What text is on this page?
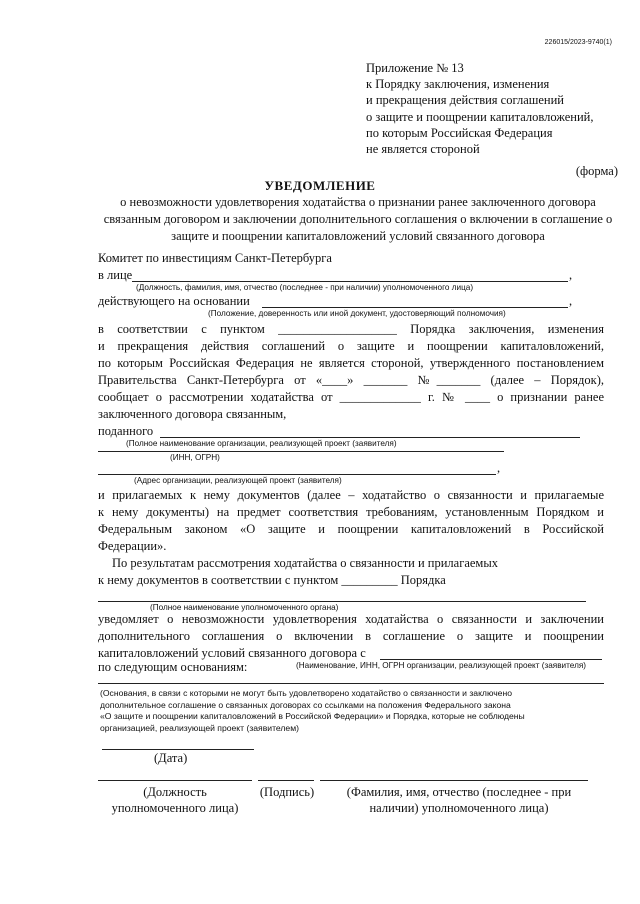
226015/2023-9740(1)
Приложение № 13
к Порядку заключения, изменения
и прекращения действия соглашений
о защите и поощрении капиталовложений,
по которым Российская Федерация
не является стороной
(форма)
УВЕДОМЛЕНИЕ
о невозможности удовлетворения ходатайства о признании ранее заключенного договора связанным договором и заключении дополнительного соглашения о включении в соглашение о защите и поощрении капиталовложений условий связанного договора
Комитет по инвестициям Санкт-Петербурга
в лице	,
(Должность, фамилия, имя, отчество (последнее - при наличии) уполномоченного лица)
действующего на основании	,
(Положение, доверенность или иной документ, удостоверяющий полномочия)
в соответствии с пунктом ___________________ Порядка заключения, изменения
и прекращения действия соглашений о защите и поощрении капиталовложений,
по которым Российская Федерация не является стороной, утвержденного постановлением
Правительства Санкт-Петербурга от «____» _______ №_______ (далее – Порядок),
сообщает о рассмотрении ходатайства от _____________ г. № ____ о признании ранее
заключенного договора связанным,
поданного
(Полное наименование организации, реализующей проект (заявителя)
(ИНН, ОГРН)
,
(Адрес организации, реализующей проект (заявителя)
и прилагаемых к нему документов (далее – ходатайство о связанности и прилагаемые
к нему документы) на предмет соответствия требованиям, установленным Порядком и
Федеральным законом «О защите и поощрении капиталовложений в Российской
Федерации».
По результатам рассмотрения ходатайства о связанности и прилагаемых
к нему документов в соответствии с пунктом _________ Порядка
(Полное наименование уполномоченного органа)
уведомляет о невозможности удовлетворения ходатайства о связанности и заключении
дополнительного соглашения о включении в соглашение о защите и поощрении
капиталовложений условий связанного договора с
(Наименование, ИНН, ОГРН организации, реализующей проект (заявителя)
по следующим основаниям:
(Основания, в связи с которыми не могут быть удовлетворено ходатайство о связанности и заключено
дополнительное соглашение о связанных договорах со ссылками на положения Федерального закона
«О защите и поощрении капиталовложений в Российской Федерации» и Порядка, которые не соблюдены
организацией, реализующей проект (заявителем)
(Дата)
(Должность
уполномоченного лица)
(Подпись)	(Фамилия, имя, отчество (последнее - при
наличии) уполномоченного лица)
